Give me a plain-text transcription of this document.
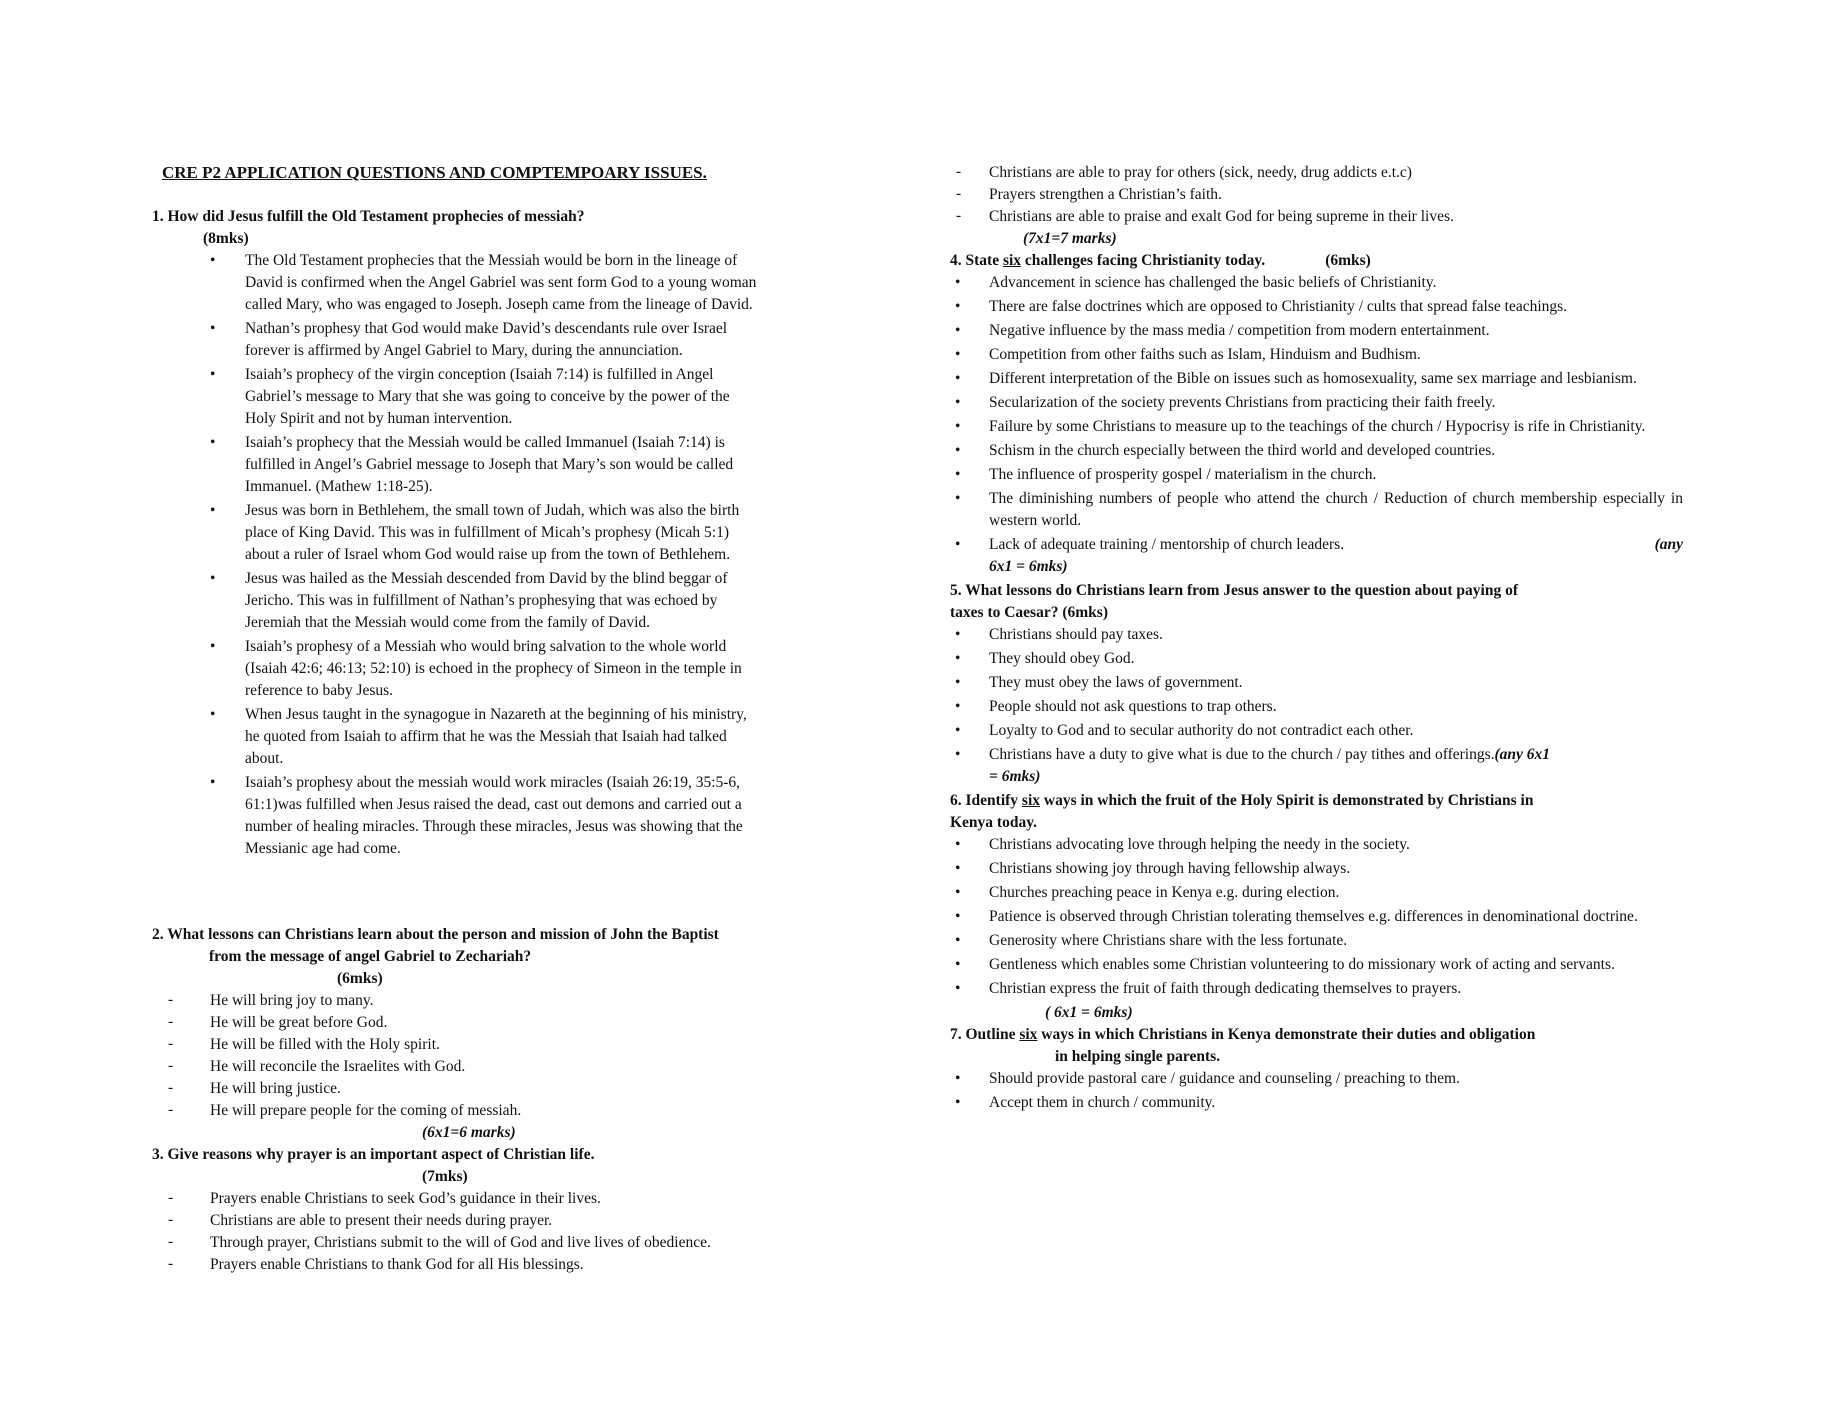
CRE P2 APPLICATION QUESTIONS AND COMPTEMPOARY ISSUES.
1. How did Jesus fulfill the Old Testament prophecies of messiah?
(8mks)
• The Old Testament prophecies that the Messiah would be born in the lineage of David is confirmed when the Angel Gabriel was sent form God to a young woman called Mary, who was engaged to Joseph. Joseph came from the lineage of David.
• Nathan’s prophesy that God would make David’s descendants rule over Israel forever is affirmed by Angel Gabriel to Mary, during the annunciation.
• Isaiah’s prophecy of the virgin conception (Isaiah 7:14) is fulfilled in Angel Gabriel’s message to Mary that she was going to conceive by the power of the Holy Spirit and not by human intervention.
• Isaiah’s prophecy that the Messiah would be called Immanuel (Isaiah 7:14) is fulfilled in Angel’s Gabriel message to Joseph that Mary’s son would be called Immanuel. (Mathew 1:18-25).
• Jesus was born in Bethlehem, the small town of Judah, which was also the birth place of King David. This was in fulfillment of Micah’s prophesy (Micah 5:1) about a ruler of Israel whom God would raise up from the town of Bethlehem.
• Jesus was hailed as the Messiah descended from David by the blind beggar of Jericho. This was in fulfillment of Nathan’s prophesying that was echoed by Jeremiah that the Messiah would come from the family of David.
• Isaiah’s prophesy of a Messiah who would bring salvation to the whole world (Isaiah 42:6; 46:13; 52:10) is echoed in the prophecy of Simeon in the temple in reference to baby Jesus.
• When Jesus taught in the synagogue in Nazareth at the beginning of his ministry, he quoted from Isaiah to affirm that he was the Messiah that Isaiah had talked about.
• Isaiah’s prophesy about the messiah would work miracles (Isaiah 26:19, 35:5-6, 61:1)was fulfilled when Jesus raised the dead, cast out demons and carried out a number of healing miracles. Through these miracles, Jesus was showing that the Messianic age had come.
2. What lessons can Christians learn about the person and mission of John the Baptist
from the message of angel Gabriel to Zechariah?
(6mks)
- He will bring joy to many.
- He will be great before God.
- He will be filled with the Holy spirit.
- He will reconcile the Israelites with God.
- He will bring justice.
- He will prepare people for the coming of messiah.
(6x1=6 marks)
3. Give reasons why prayer is an important aspect of Christian life.
(7mks)
- Prayers enable Christians to seek God’s guidance in their lives.
- Christians are able to present their needs during prayer.
- Through prayer, Christians submit to the will of God and live lives of obedience.
- Prayers enable Christians to thank God for all His blessings.
- Christians are able to pray for others (sick, needy, drug addicts e.t.c)
- Prayers strengthen a Christian’s faith.
- Christians are able to praise and exalt God for being supreme in their lives.
(7x1=7 marks)
4. State six challenges facing Christianity today.	(6mks)
• Advancement in science has challenged the basic beliefs of Christianity.
• There are false doctrines which are opposed to Christianity / cults that spread false teachings.
• Negative influence by the mass media / competition from modern entertainment.
• Competition from other faiths such as Islam, Hinduism and Budhism.
• Different interpretation of the Bible on issues such as homosexuality, same sex marriage and lesbianism.
• Secularization of the society prevents Christians from practicing their faith freely.
• Failure by some Christians to measure up to the teachings of the church / Hypocrisy is rife in Christianity.
• Schism in the church especially between the third world and developed countries.
• The influence of prosperity gospel / materialism in the church.
• The diminishing numbers of people who attend the church / Reduction of church membership especially in western world.
• Lack of adequate training / mentorship of church leaders.	(any
6x1 = 6mks)
5. What lessons do Christians learn from Jesus answer to the question about paying of
taxes to Caesar? (6mks)
• Christians should pay taxes.
• They should obey God.
• They must obey the laws of government.
• People should not ask questions to trap others.
• Loyalty to God and to secular authority do not contradict each other.
• Christians have a duty to give what is due to the church / pay tithes and offerings.(any 6x1
= 6mks)
6. Identify six ways in which the fruit of the Holy Spirit is demonstrated by Christians in
Kenya today.
• Christians advocating love through helping the needy in the society.
• Christians showing joy through having fellowship always.
• Churches preaching peace in Kenya e.g. during election.
• Patience is observed through Christian tolerating themselves e.g. differences in denominational doctrine.
• Generosity where Christians share with the less fortunate.
• Gentleness which enables some Christian volunteering to do missionary work of acting and servants.
• Christian express the fruit of faith through dedicating themselves to prayers.
( 6x1 = 6mks)
7. Outline six ways in which Christians in Kenya demonstrate their duties and obligation
in helping single parents.
• Should provide pastoral care / guidance and counseling / preaching to them.
• Accept them in church / community.
